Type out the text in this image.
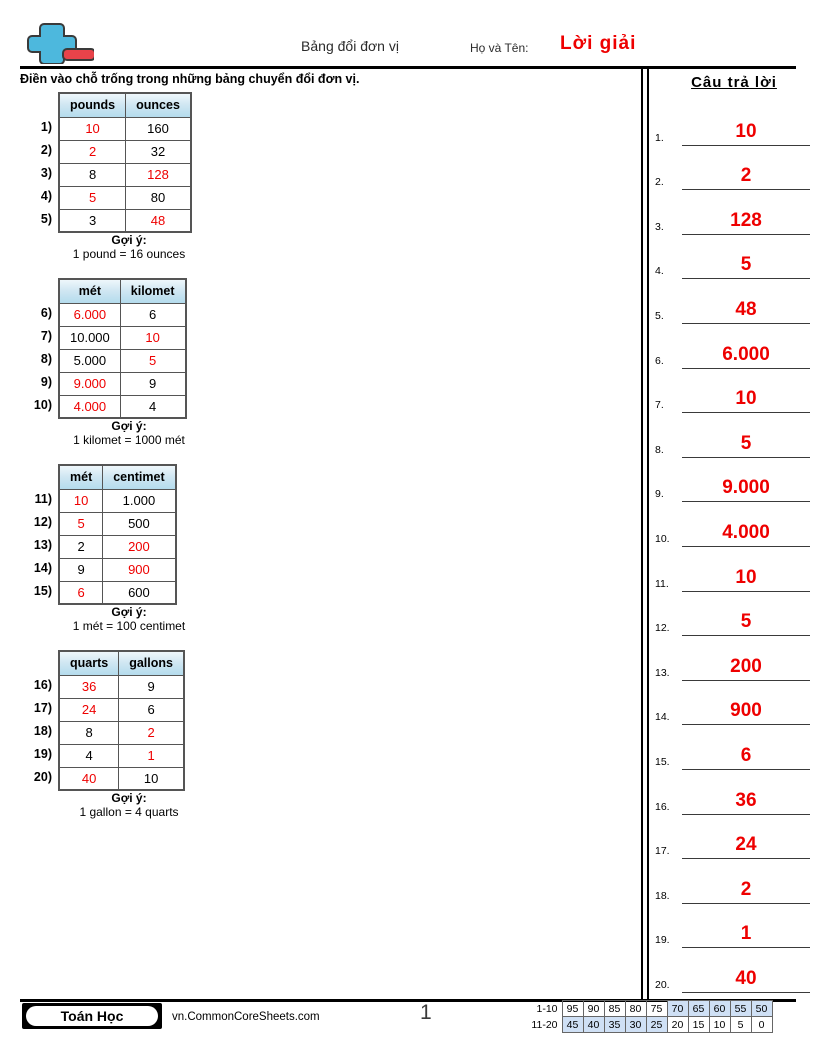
Bảng đổi đơn vị	Họ và Tên: Lời giải
Điền vào chỗ trống trong những bảng chuyển đổi đơn vị.
1)
2)
3)
4)
5)
pounds	ounces
10	160
2	32
8	128
5	80
3	48
Gợi ý:
1 pound = 16 ounces
6)
7)
8)
9)
10)
mét	kilomet
6.000	6
10.000	10
5.000	5
9.000	9
4.000	4
Gợi ý:
1 kilomet = 1000 mét
11)
12)
13)
14)
15)
mét	centimet
10	1.000
5	500
2	200
9	900
6	600
Gợi ý:
1 mét = 100 centimet
16)
17)
18)
19)
20)
quarts	gallons
36	9
24	6
8	2
4	1
40	10
Gợi ý:
1 gallon = 4 quarts
Câu trả lời
1.	10
2.	2
3.	128
4.	5
5.	48
6.	6.000
7.	10
8.	5
9.	9.000
10.	4.000
11.	10
12.	5
13.	200
14.	900
15.	6
16.	36
17.	24
18.	2
19.	1
20.	40
Toán Học	vn.CommonCoreSheets.com	1	1-10	95	90	85	80	75	70	65	60	55	50
11-20	45	40	35	30	25	20	15	10	5	0
